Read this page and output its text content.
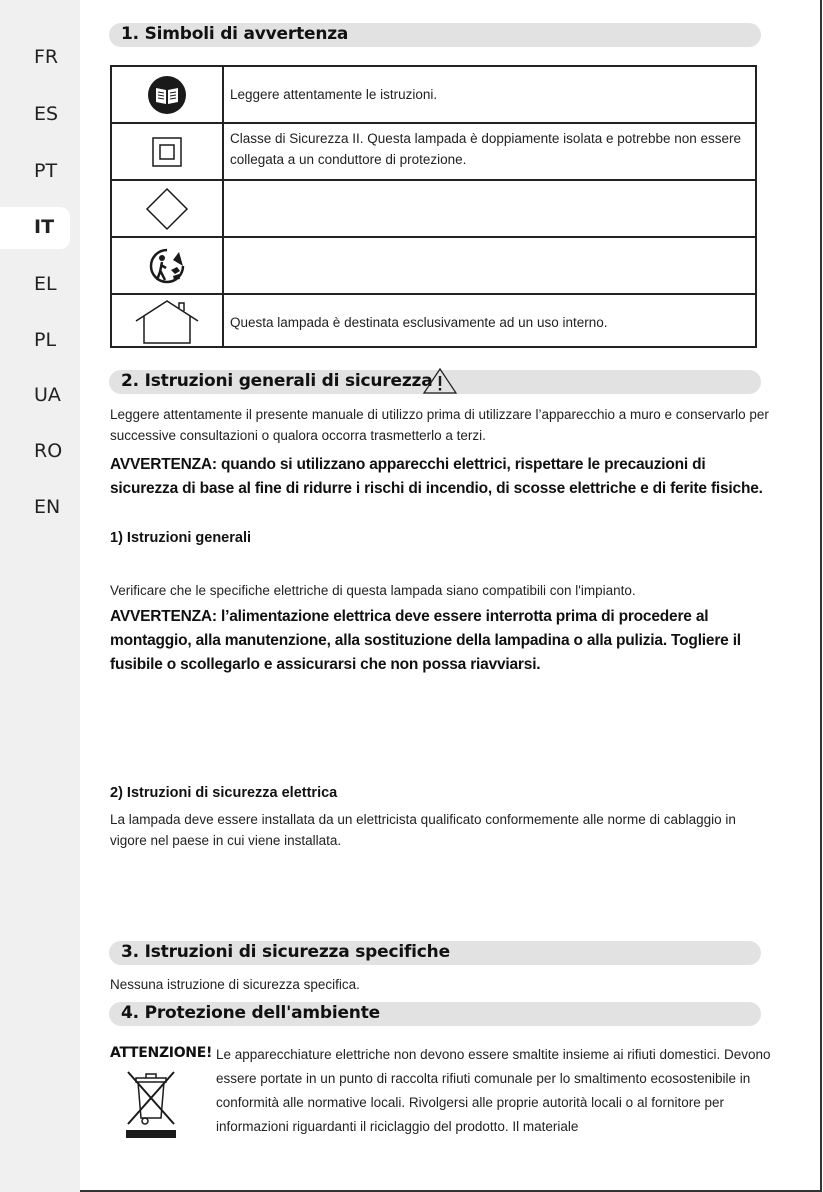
FR
ES
PT
IT
EL
PL
UA
RO
EN
1. Simboli di avvertenza
Leggere attentamente le istruzioni.
Classe di Sicurezza II. Questa lampada è doppiamente isolata e potrebbe non essere collegata a un conduttore di protezione.
Questa lampada è destinata esclusivamente ad un uso interno.
2. Istruzioni generali di sicurezza
Leggere attentamente il presente manuale di utilizzo prima di utilizzare l’apparecchio a muro e conservarlo per successive consultazioni o qualora occorra trasmetterlo a terzi.
AVVERTENZA: quando si utilizzano apparecchi elettrici, rispettare le precauzioni di sicurezza di base al fine di ridurre i rischi di incendio, di scosse elettriche e di ferite fisiche.
1) Istruzioni generali
Verificare che le specifiche elettriche di questa lampada siano compatibili con l'impianto.
AVVERTENZA: l’alimentazione elettrica deve essere interrotta prima di procedere al montaggio, alla manutenzione, alla sostituzione della lampadina o alla pulizia. Togliere il fusibile o scollegarlo e assicurarsi che non possa riavviarsi.
2) Istruzioni di sicurezza elettrica
La lampada deve essere installata da un elettricista qualificato conformemente alle norme di cablaggio in vigore nel paese in cui viene installata.
3. Istruzioni di sicurezza specifiche
Nessuna istruzione di sicurezza specifica.
4. Protezione dell'ambiente
ATTENZIONE! Le apparecchiature elettriche non devono essere smaltite insieme ai rifiuti domestici. Devono essere portate in un punto di raccolta rifiuti comunale per lo smaltimento ecosostenibile in conformità alle normative locali. Rivolgersi alle proprie autorità locali o al fornitore per informazioni riguardanti il riciclaggio del prodotto. Il materiale
